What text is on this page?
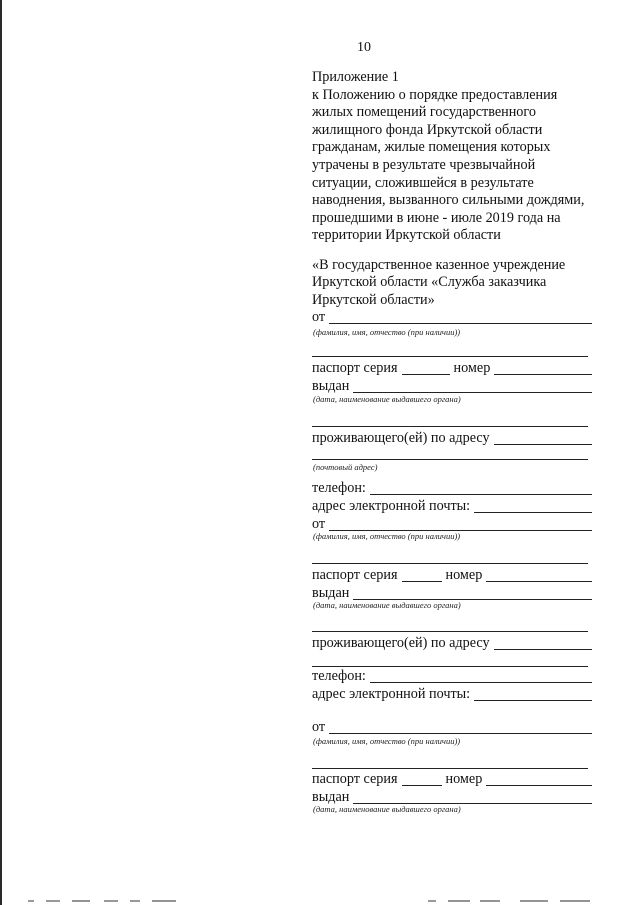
10
Приложение 1
к Положению о порядке предоставления
жилых помещений государственного
жилищного фонда Иркутской области
гражданам, жилые помещения которых
утрачены в результате чрезвычайной
ситуации, сложившейся в результате
наводнения, вызванного сильными дождями,
прошедшими в июне - июле 2019 года на
территории Иркутской области
«В государственное казенное учреждение
Иркутской области «Служба заказчика
Иркутской области»
от
(фамилия, имя, отчество (при наличии))
паспорт серия	номер
выдан
(дата, наименование выдавшего органа)
проживающего(ей) по адресу
(почтовый адрес)
телефон:
адрес электронной почты:
от
(фамилия, имя, отчество (при наличии))
паспорт серия	номер
выдан
(дата, наименование выдавшего органа)
проживающего(ей) по адресу
телефон:
адрес электронной почты:
от
(фамилия, имя, отчество (при наличии))
паспорт серия	номер
выдан
(дата, наименование выдавшего органа)
